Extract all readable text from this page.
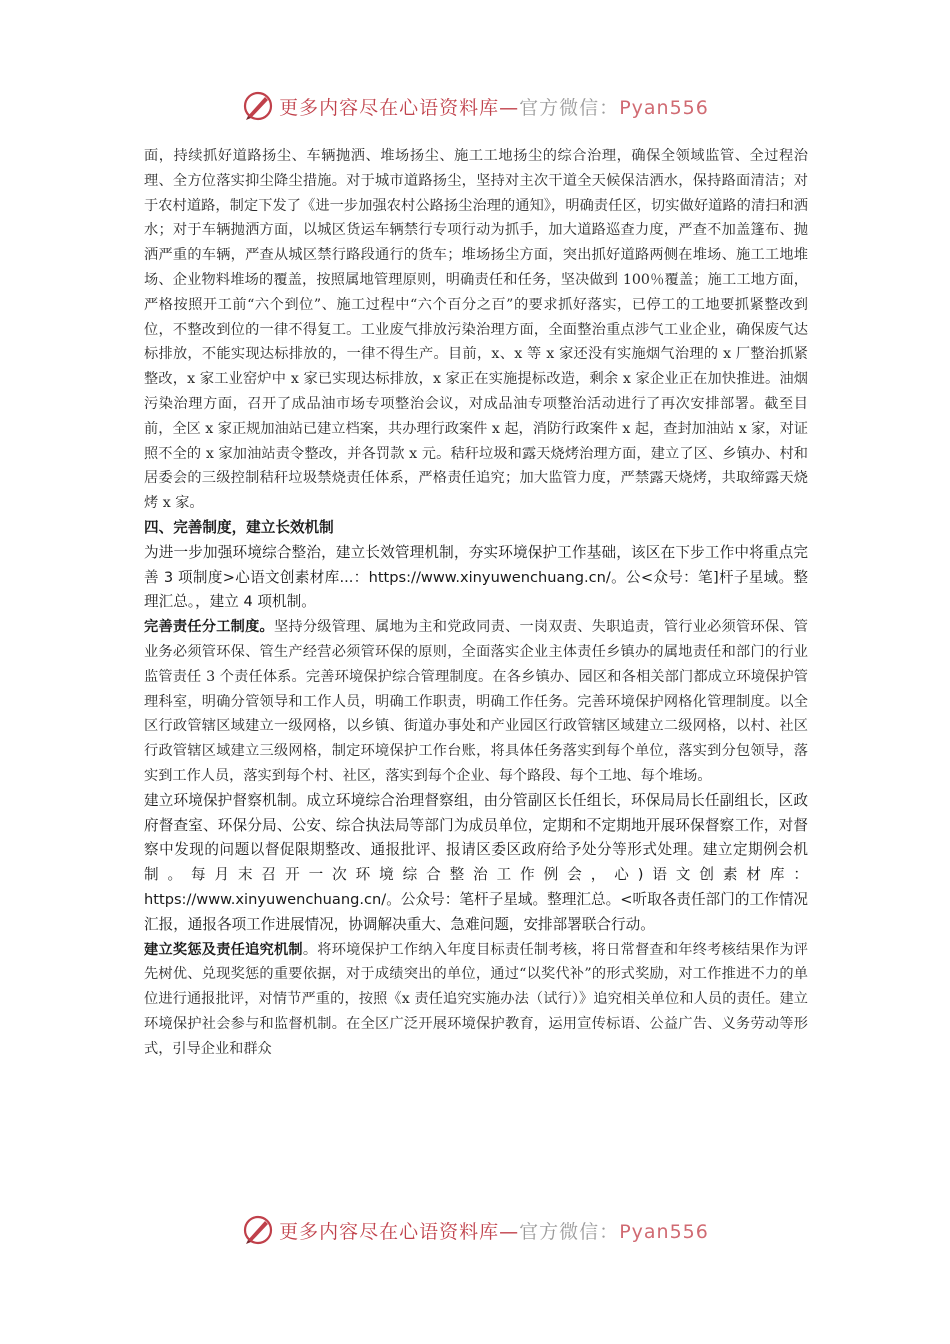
更多内容尽在心语资料库—官方微信：Pyan556

面，持续抓好道路扬尘、车辆抛洒、堆场扬尘、施工工地扬尘的综合治理，确保全领域监管、全过程治理、全方位落实抑尘降尘措施。对于城市道路扬尘，坚持对主次干道全天候保洁洒水，保持路面清洁；对于农村道路，制定下发了《进一步加强农村公路扬尘治理的通知》，明确责任区，切实做好道路的清扫和洒水；对于车辆抛洒方面，以城区货运车辆禁行专项行动为抓手，加大道路巡查力度，严查不加盖篷布、抛洒严重的车辆，严查从城区禁行路段通行的货车；堆场扬尘方面，突出抓好道路两侧在堆场、施工工地堆场、企业物料堆场的覆盖，按照属地管理原则，明确责任和任务，坚决做到 100％覆盖；施工工地方面，严格按照开工前“六个到位”、施工过程中“六个百分之百”的要求抓好落实，已停工的工地要抓紧整改到位，不整改到位的一律不得复工。工业废气排放污染治理方面，全面整治重点涉气工业企业，确保废气达标排放，不能实现达标排放的，一律不得生产。目前，x、x 等 x 家还没有实施烟气治理的 x 厂整治抓紧整改，x 家工业窑炉中 x 家已实现达标排放，x 家正在实施提标改造，剩余 x 家企业正在加快推进。油烟污染治理方面，召开了成品油市场专项整治会议，对成品油专项整治活动进行了再次安排部署。截至目前，全区 x 家正规加油站已建立档案，共办理行政案件 x 起，消防行政案件 x 起，查封加油站 x 家，对证照不全的 x 家加油站责令整改，并各罚款 x 元。秸秆垃圾和露天烧烤治理方面，建立了区、乡镇办、村和居委会的三级控制秸秆垃圾禁烧责任体系，严格责任追究；加大监管力度，严禁露天烧烤，共取缔露天烧烤 x 家。

四、完善制度，建立长效机制

为进一步加强环境综合整治，建立长效管理机制，夯实环境保护工作基础，该区在下步工作中将重点完善 3 项制度>心语文创素材库...：https://www.xinyuwenchuang.cn/。公<众号：笔]杆子星域。整理汇总。，建立 4 项机制。

完善责任分工制度。坚持分级管理、属地为主和党政同责、一岗双责、失职追责，管行业必须管环保、管业务必须管环保、管生产经营必须管环保的原则，全面落实企业主体责任乡镇办的属地责任和部门的行业监管责任 3 个责任体系。完善环境保护综合管理制度。在各乡镇办、园区和各相关部门都成立环境保护管理科室，明确分管领导和工作人员，明确工作职责，明确工作任务。完善环境保护网格化管理制度。以全区行政管辖区域建立一级网格，以乡镇、街道办事处和产业园区行政管辖区域建立二级网格，以村、社区行政管辖区域建立三级网格，制定环境保护工作台账，将具体任务落实到每个单位，落实到分包领导，落实到工作人员，落实到每个村、社区，落实到每个企业、每个路段、每个工地、每个堆场。

建立环境保护督察机制。成立环境综合治理督察组，由分管副区长任组长，环保局局长任副组长，区政府督查室、环保分局、公安、综合执法局等部门为成员单位，定期和不定期地开展环保督察工作，对督察中发现的问题以督促限期整改、通报批评、报请区委区政府给予处分等形式处理。建立定期例会机制。每月末召开一次环境综合整治工作例会，心)语文创素材库：https://www.xinyuwenchuang.cn/。公众号：笔杆子星域。整理汇总。<听取各责任部门的工作情况汇报，通报各项工作进展情况，协调解决重大、急难问题，安排部署联合行动。

建立奖惩及责任追究机制。将环境保护工作纳入年度目标责任制考核，将日常督查和年终考核结果作为评先树优、兑现奖惩的重要依据，对于成绩突出的单位，通过“以奖代补”的形式奖励，对工作推进不力的单位进行通报批评，对情节严重的，按照《x 责任追究实施办法（试行）》追究相关单位和人员的责任。建立环境保护社会参与和监督机制。在全区广泛开展环境保护教育，运用宣传标语、公益广告、义务劳动等形式，引导企业和群众

更多内容尽在心语资料库—官方微信：Pyan556
